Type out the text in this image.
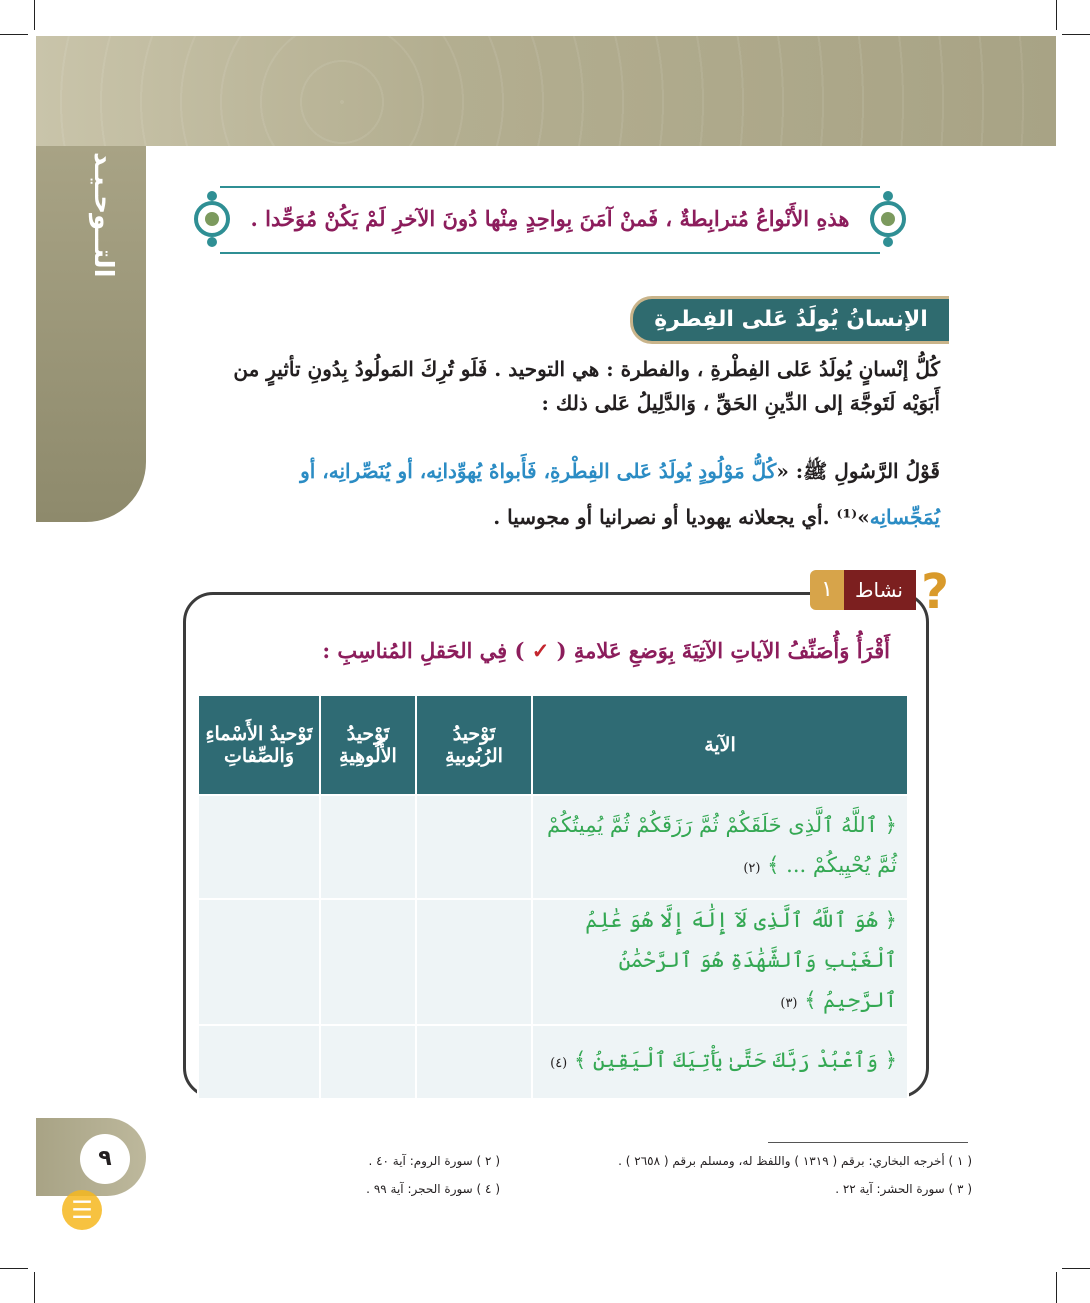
التــوحـيـد	هذهِ الأَنْواعُ مُترابِطةٌ ، فَمنْ آمَنَ بِواحِدٍ مِنْها دُونَ الآخرِ لَمْ يَكُنْ مُوَحِّدا .
الإنسانُ يُولَدُ عَلى الفِطرةِ
كُلُّ إنْسانٍ يُولَدُ عَلى الفِطْرةِ ، والفطرة : هي التوحيد . فَلَو تُرِكَ المَولُودُ بِدُونِ تأثيرٍ من
أَبَوَيْه لَتَوجَّهَ إلى الدِّينِ الحَقِّ ، وَالدَّلِيلُ عَلى ذلك :
قَوْلُ الرَّسُولِ ﷺ: «كُلُّ مَوْلُودٍ يُولَدُ عَلى الفِطْرةِ، فَأَبواهُ يُهوِّدانِه، أو يُنَصِّرانِه، أو
يُمَجِّسانِه»⁽¹⁾ .أي يجعلانه يهوديا أو نصرانيا أو مجوسيا .
نشاط
١ ?
أَقْرَأُ وَأُصَنِّفُ الآياتِ الآتِيَةَ بِوَضعِ عَلامةِ ( ✓ ) فِي الحَقلِ المُناسِبِ :
الآية	تَوْحيدُ الرُبُوبيةِ	تَوْحيدُ الأُلُوهِيةِ	تَوْحيدُ الأَسْماءِ وَالصِّفاتِ
﴿ ٱللَّهُ ٱلَّذِى خَلَقَكُمْ ثُمَّ رَزَقَكُمْ ثُمَّ يُمِيتُكُمْ ثُمَّ يُحْيِيكُمْ ... ﴾ (٢)			
﴿ هُوَ ٱللَّهُ ٱلَّذِى لَآ إِلَٰهَ إِلَّا هُوَ عَٰلِمُ ٱلْغَيْبِ وَٱلشَّهَٰدَةِ هُوَ ٱلرَّحْمَٰنُ ٱلرَّحِيمُ ﴾ (٣)			
﴿ وَٱعْبُدْ رَبَّكَ حَتَّىٰ يَأْتِيَكَ ٱلْيَقِينُ ﴾ (٤)			
٩
☰
( ١ ) أخرجه البخاري: برقم ( ١٣١٩ ) واللفظ له، ومسلم برقم ( ٢٦٥٨ ) .
( ٢ ) سورة الروم: آية ٤٠ .
( ٣ ) سورة الحشر: آية ٢٢ .
( ٤ ) سورة الحجر: آية ٩٩ .
